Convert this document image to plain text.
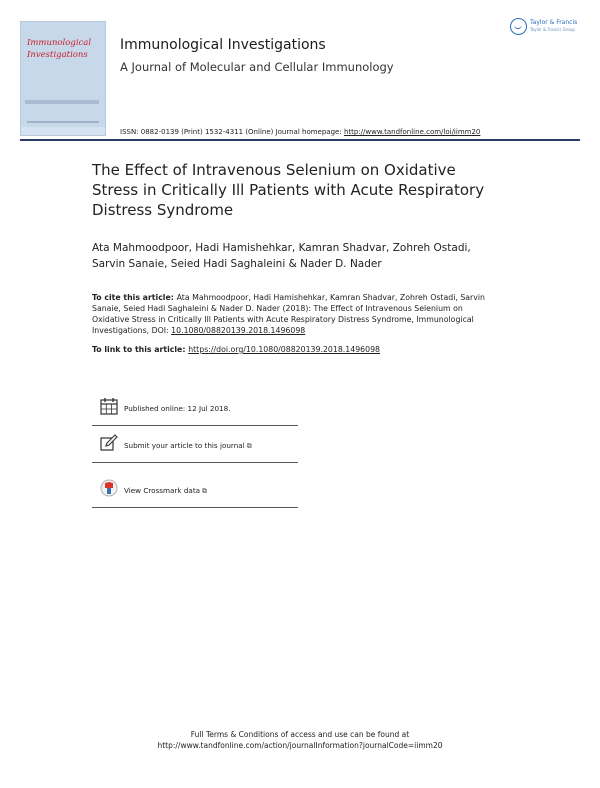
Immunological
Investigations
Immunological Investigations
A Journal of Molecular and Cellular Immunology
ISSN: 0882-0139 (Print) 1532-4311 (Online) Journal homepage: http://www.tandfonline.com/loi/iimm20
Taylor & Francis
Taylor & Francis Group
The Effect of Intravenous Selenium on Oxidative Stress in Critically Ill Patients with Acute Respiratory Distress Syndrome
Ata Mahmoodpoor, Hadi Hamishehkar, Kamran Shadvar, Zohreh Ostadi,
Sarvin Sanaie, Seied Hadi Saghaleini & Nader D. Nader
To cite this article: Ata Mahmoodpoor, Hadi Hamishehkar, Kamran Shadvar, Zohreh Ostadi, Sarvin Sanaie, Seied Hadi Saghaleini & Nader D. Nader (2018): The Effect of Intravenous Selenium on Oxidative Stress in Critically Ill Patients with Acute Respiratory Distress Syndrome, Immunological Investigations, DOI: 10.1080/08820139.2018.1496098
To link to this article: https://doi.org/10.1080/08820139.2018.1496098
Published online: 12 Jul 2018.
Submit your article to this journal ⧉
View Crossmark data ⧉
Full Terms & Conditions of access and use can be found at
http://www.tandfonline.com/action/journalInformation?journalCode=iimm20
